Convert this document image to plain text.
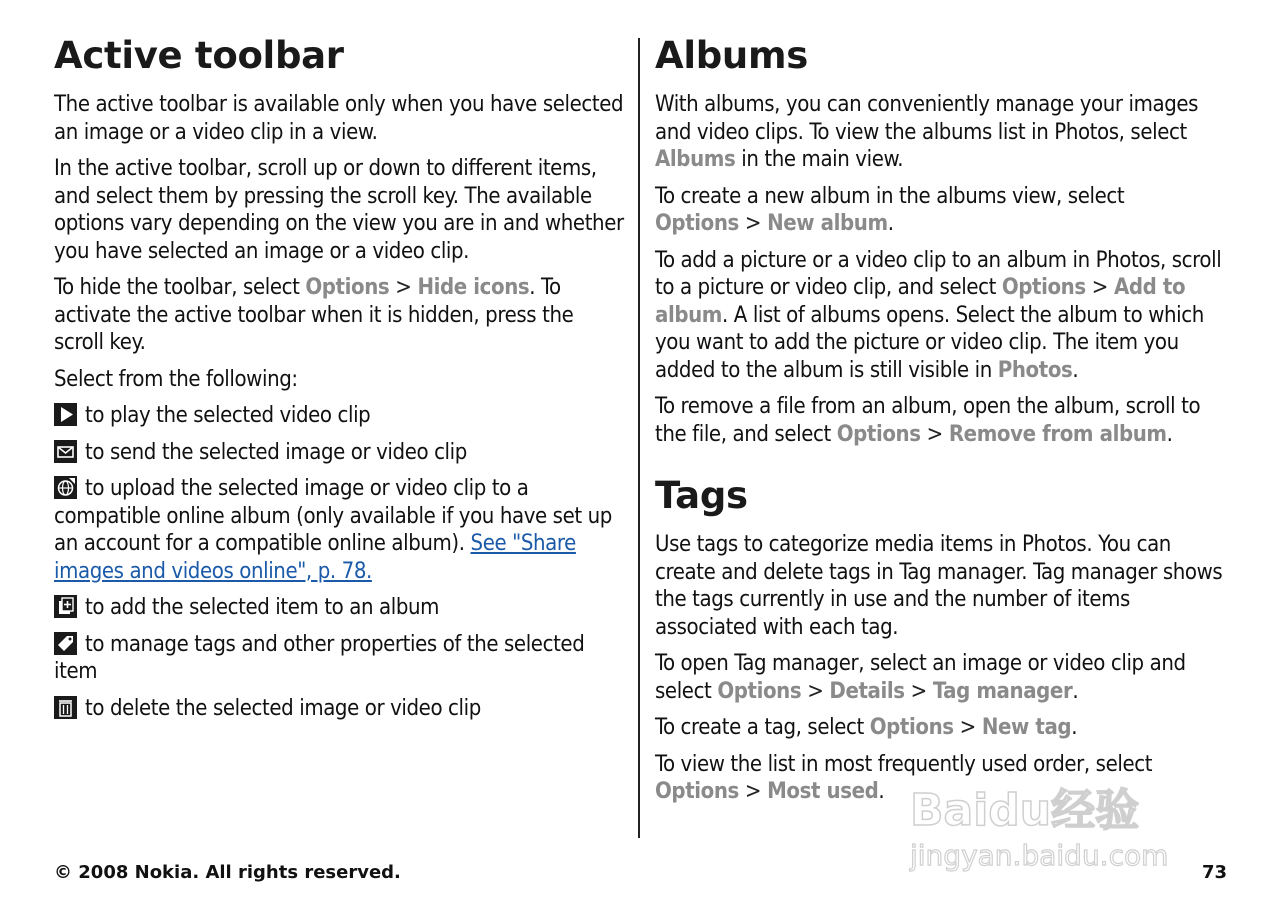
Active toolbar

The active toolbar is available only when you have selected an image or a video clip in a view.

In the active toolbar, scroll up or down to different items, and select them by pressing the scroll key. The available options vary depending on the view you are in and whether you have selected an image or a video clip.

To hide the toolbar, select Options > Hide icons. To activate the active toolbar when it is hidden, press the scroll key.

Select from the following:

to play the selected video clip

to send the selected image or video clip

to upload the selected image or video clip to a compatible online album (only available if you have set up an account for a compatible online album). See "Share images and videos online", p. 78.

to add the selected item to an album

to manage tags and other properties of the selected item

to delete the selected image or video clip

Albums

With albums, you can conveniently manage your images and video clips. To view the albums list in Photos, select Albums in the main view.

To create a new album in the albums view, select Options > New album.

To add a picture or a video clip to an album in Photos, scroll to a picture or video clip, and select Options > Add to album. A list of albums opens. Select the album to which you want to add the picture or video clip. The item you added to the album is still visible in Photos.

To remove a file from an album, open the album, scroll to the file, and select Options > Remove from album.

Tags

Use tags to categorize media items in Photos. You can create and delete tags in Tag manager. Tag manager shows the tags currently in use and the number of items associated with each tag.

To open Tag manager, select an image or video clip and select Options > Details > Tag manager.

To create a tag, select Options > New tag.

To view the list in most frequently used order, select Options > Most used. Baidu经验
jingyan.baidu.com
© 2008 Nokia. All rights reserved.	73
